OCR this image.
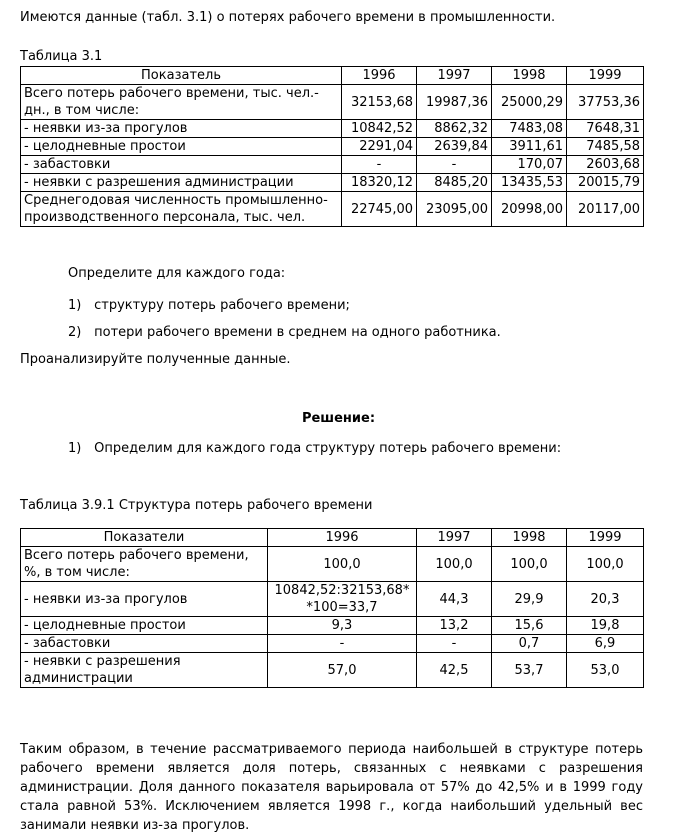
Имеются данные (табл. 3.1) о потерях рабочего времени в промышленности.
Таблица 3.1
Показатель	1996	1997	1998	1999
Всего потерь рабочего времени, тыс. чел.-
дн., в том числе:	32153,68	19987,36	25000,29	37753,36
- неявки из-за прогулов	10842,52	8862,32	7483,08	7648,31
- целодневные простои	2291,04	2639,84	3911,61	7485,58
- забастовки	-	-	170,07	2603,68
- неявки с разрешения администрации	18320,12	8485,20	13435,53	20015,79
Среднегодовая численность промышленно-
производственного персонала, тыс. чел.	22745,00	23095,00	20998,00	20117,00
Определите для каждого года:
1) структуру потерь рабочего времени;
2) потери рабочего времени в среднем на одного работника.
Проанализируйте полученные данные.
Решение:
1) Определим для каждого года структуру потерь рабочего времени:
Таблица 3.9.1 Структура потерь рабочего времени
Показатели	1996	1997	1998	1999
Всего потерь рабочего времени,
%, в том числе:	100,0	100,0	100,0	100,0
- неявки из-за прогулов	10842,52:32153,68*
*100=33,7	44,3	29,9	20,3
- целодневные простои	9,3	13,2	15,6	19,8
- забастовки	-	-	0,7	6,9
- неявки с разрешения
администрации	57,0	42,5	53,7	53,0
Таким образом, в течение рассматриваемого периода наибольшей в структуре потерь рабочего времени является доля потерь, связанных с неявками с разрешения администрации. Доля данного показателя варьировала от 57% до 42,5% и в 1999 году стала равной 53%. Исключением является 1998 г., когда наибольший удельный вес занимали неявки из-за прогулов.
